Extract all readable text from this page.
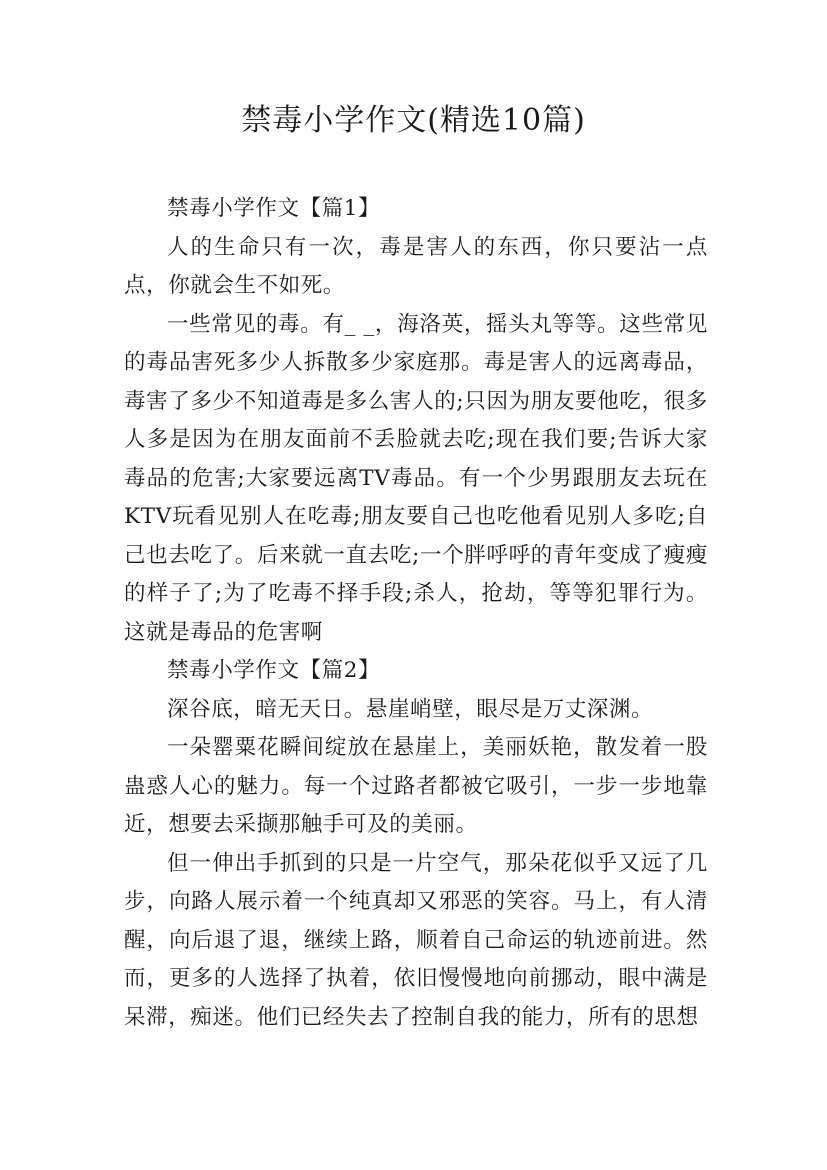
禁毒小学作文(精选10篇)

禁毒小学作文【篇1】

人的生命只有一次，毒是害人的东西，你只要沾一点点，你就会生不如死。

一些常见的毒。有_ _，海洛英，摇头丸等等。这些常见的毒品害死多少人拆散多少家庭那。毒是害人的远离毒品，毒害了多少不知道毒是多么害人的;只因为朋友要他吃，很多人多是因为在朋友面前不丢脸就去吃;现在我们要;告诉大家毒品的危害;大家要远离TV毒品。有一个少男跟朋友去玩在KTV玩看见别人在吃毒;朋友要自己也吃他看见别人多吃;自己也去吃了。后来就一直去吃;一个胖呼呼的青年变成了瘦瘦的样子了;为了吃毒不择手段;杀人，抢劫，等等犯罪行为。这就是毒品的危害啊

禁毒小学作文【篇2】

深谷底，暗无天日。悬崖峭壁，眼尽是万丈深渊。

一朵罂粟花瞬间绽放在悬崖上，美丽妖艳，散发着一股蛊惑人心的魅力。每一个过路者都被它吸引，一步一步地靠近，想要去采撷那触手可及的美丽。

但一伸出手抓到的只是一片空气，那朵花似乎又远了几步，向路人展示着一个纯真却又邪恶的笑容。马上，有人清醒，向后退了退，继续上路，顺着自己命运的轨迹前进。然而，更多的人选择了执着，依旧慢慢地向前挪动，眼中满是呆滞，痴迷。他们已经失去了控制自我的能力，所有的思想
